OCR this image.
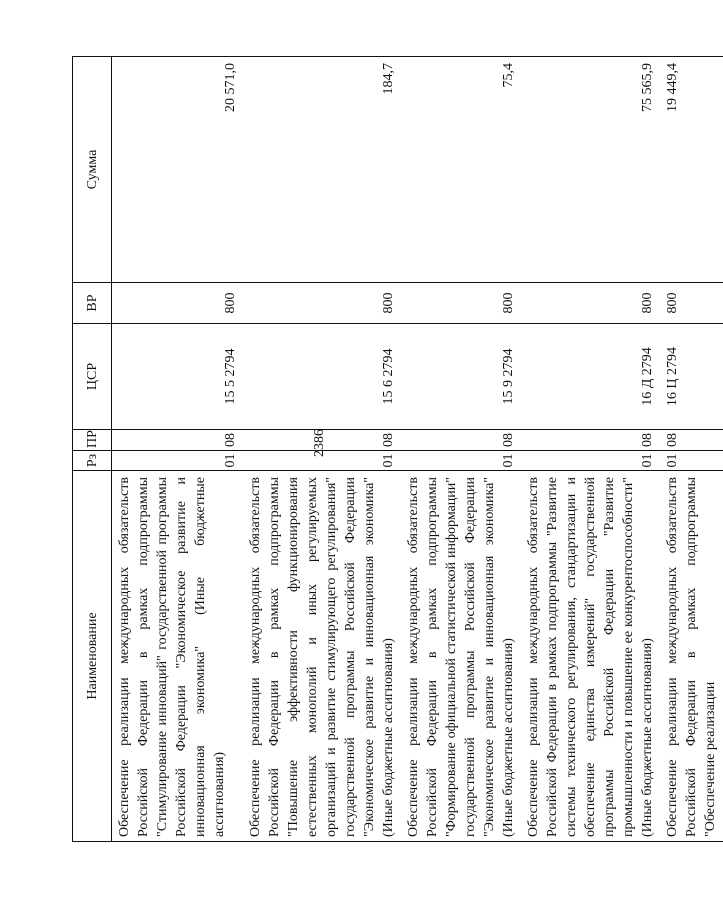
2386
Наименование	Рз	ПР	ЦСР	ВР	Сумма
Обеспечение реализации международных обязательств Российской Федерации в рамках подпрограммы "Стимулирование инноваций" государственной программы Российской Федерации "Экономическое развитие и инновационная экономика" (Иные бюджетные ассигнования)	01	08	15 5 2794	800	20 571,0
Обеспечение реализации международных обязательств Российской Федерации в рамках подпрограммы "Повышение эффективности функционирования естественных монополий и иных регулируемых организаций и развитие стимулирующего регулирования" государственной программы Российской Федерации "Экономическое развитие и инновационная экономика" (Иные бюджетные ассигнования)	01	08	15 6 2794	800	184,7
Обеспечение реализации международных обязательств Российской Федерации в рамках подпрограммы "Формирование официальной статистической информации" государственной программы Российской Федерации "Экономическое развитие и инновационная экономика" (Иные бюджетные ассигнования)	01	08	15 9 2794	800	75,4
Обеспечение реализации международных обязательств Российской Федерации в рамках подпрограммы "Развитие системы технического регулирования, стандартизации и обеспечение единства измерений" государственной программы Российской Федерации "Развитие промышленности и повышение ее конкурентоспособности" (Иные бюджетные ассигнования)	01	08	16 Д 2794	800	75 565,9
Обеспечение реализации международных обязательств Российской Федерации в рамках подпрограммы "Обеспечение реализации	01	08	16 Ц 2794	800	19 449,4
